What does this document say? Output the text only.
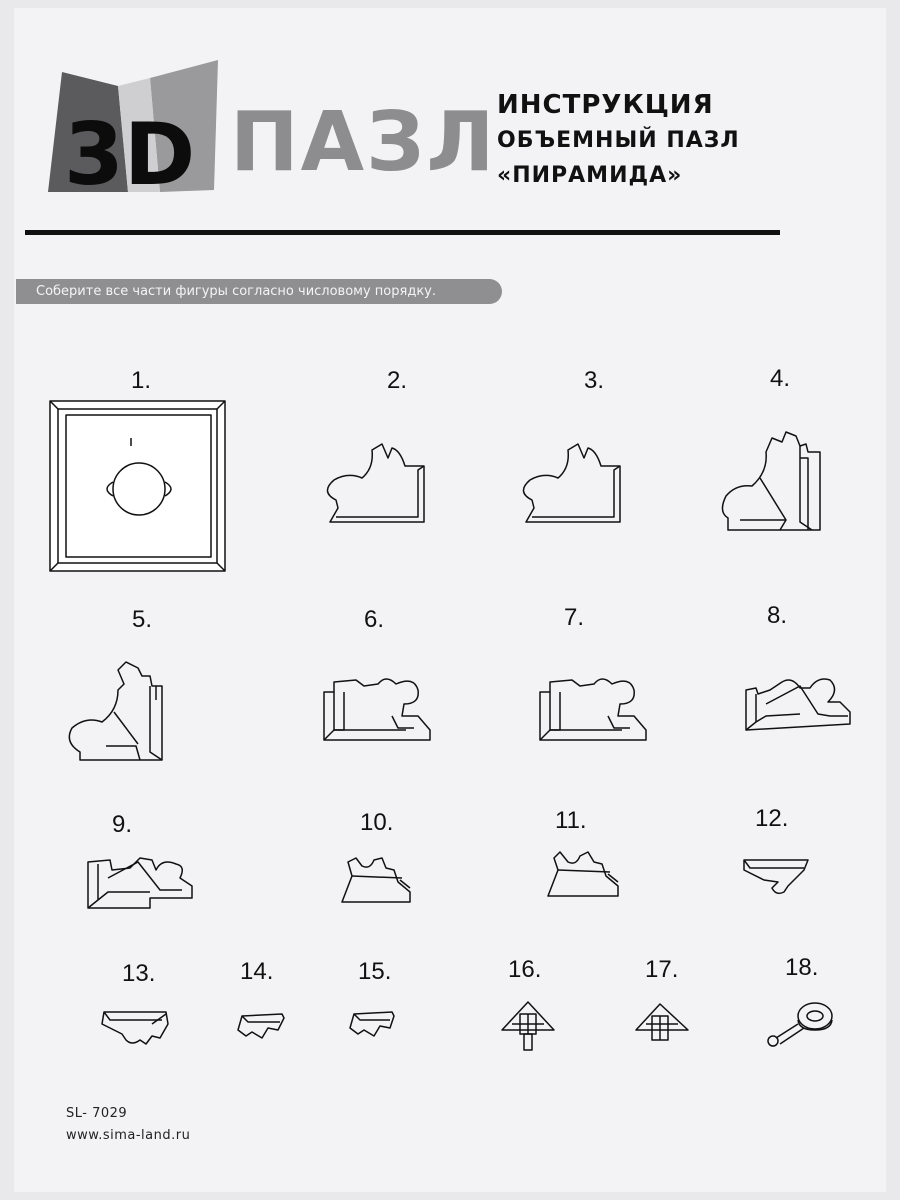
3D ПАЗЛ ИНСТРУКЦИЯ
ОБЪЕМНЫЙ ПАЗЛ
«ПИРАМИДА»
Соберите все части фигуры согласно числовому порядку.
1.	2.	3.	4.
5.	6.	7.	8.
9.	10.	11.	12.
13.	14.	15.	16.	17.	18.
SL- 7029
www.sima-land.ru
